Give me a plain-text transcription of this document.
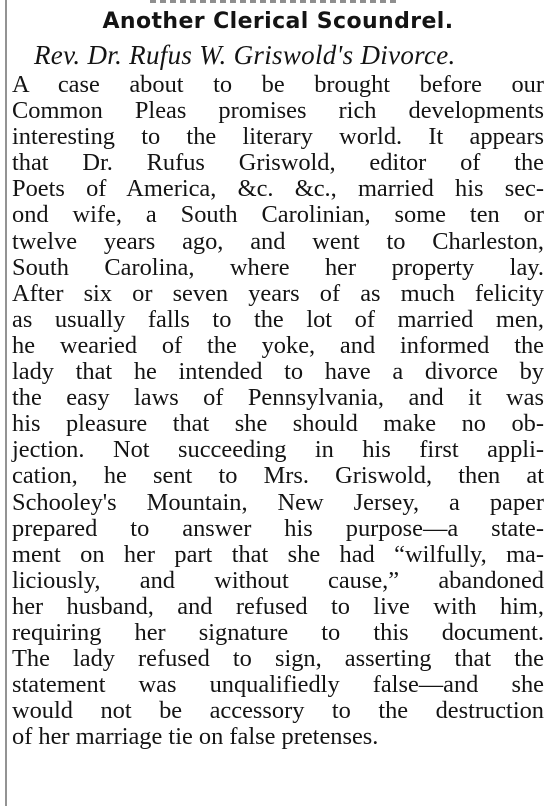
Another Clerical Scoundrel.
Rev. Dr. Rufus W. Griswold's Divorce.
A case about to be brought before our
Common Pleas promises rich developments
interesting to the literary world. It appears
that Dr. Rufus Griswold, editor of the
Poets of America, &c. &c., married his sec-
ond wife, a South Carolinian, some ten or
twelve years ago, and went to Charleston,
South Carolina, where her property lay.
After six or seven years of as much felicity
as usually falls to the lot of married men,
he wearied of the yoke, and informed the
lady that he intended to have a divorce by
the easy laws of Pennsylvania, and it was
his pleasure that she should make no ob-
jection. Not succeeding in his first appli-
cation, he sent to Mrs. Griswold, then at
Schooley's Mountain, New Jersey, a paper
prepared to answer his purpose—a state-
ment on her part that she had “wilfully, ma-
liciously, and without cause,” abandoned
her husband, and refused to live with him,
requiring her signature to this document.
The lady refused to sign, asserting that the
statement was unqualifiedly false—and she
would not be accessory to the destruction
of her marriage tie on false pretenses.
